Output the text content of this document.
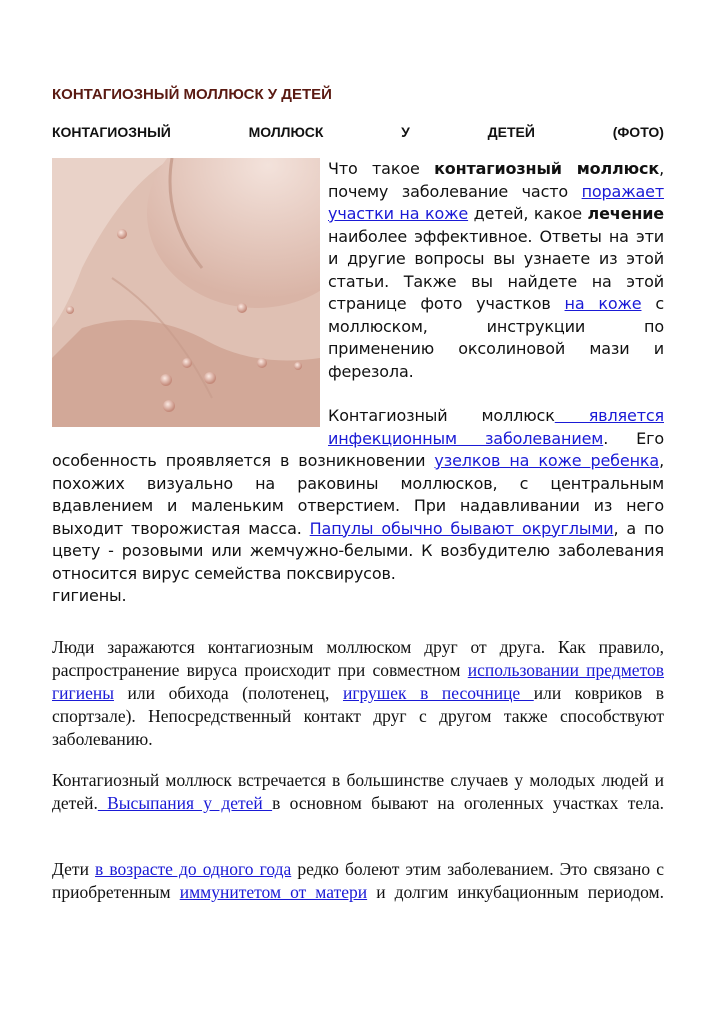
КОНТАГИОЗНЫЙ МОЛЛЮСК У ДЕТЕЙ
КОНТАГИОЗНЫЙ	МОЛЛЮСК	У	ДЕТЕЙ	(ФОТО)

Что такое контагиозный моллюск, почему заболевание часто поражает участки на коже детей, какое лечение наиболее эффективное. Ответы на эти и другие вопросы вы узнаете из этой статьи. Также вы найдете на этой странице фото участков на коже с моллюском, инструкции по применению оксолиновой мази и ферезола.

Контагиозный моллюск является инфекционным заболеванием. Его особенность проявляется в возникновении узелков на коже ребенка, похожих визуально на раковины моллюсков, с центральным вдавлением и маленьким отверстием. При надавливании из него выходит творожистая масса. Папулы обычно бывают округлыми, а по цвету - розовыми или жемчужно-белыми. К возбудителю заболевания относится вирус семейства поксвирусов.
гигиены.

Люди заражаются контагиозным моллюском друг от друга. Как правило, распространение вируса происходит при совместном использовании предметов гигиены или обихода (полотенец, игрушек в песочнице или ковриков в спортзале). Непосредственный контакт друг с другом также способствуют заболеванию.

Контагиозный моллюск встречается в большинстве случаев у молодых людей и детей. Высыпания у детей в основном бывают на оголенных участках тела.

Дети в возрасте до одного года редко болеют этим заболеванием. Это связано с приобретенным иммунитетом от матери и долгим инкубационным периодом.
